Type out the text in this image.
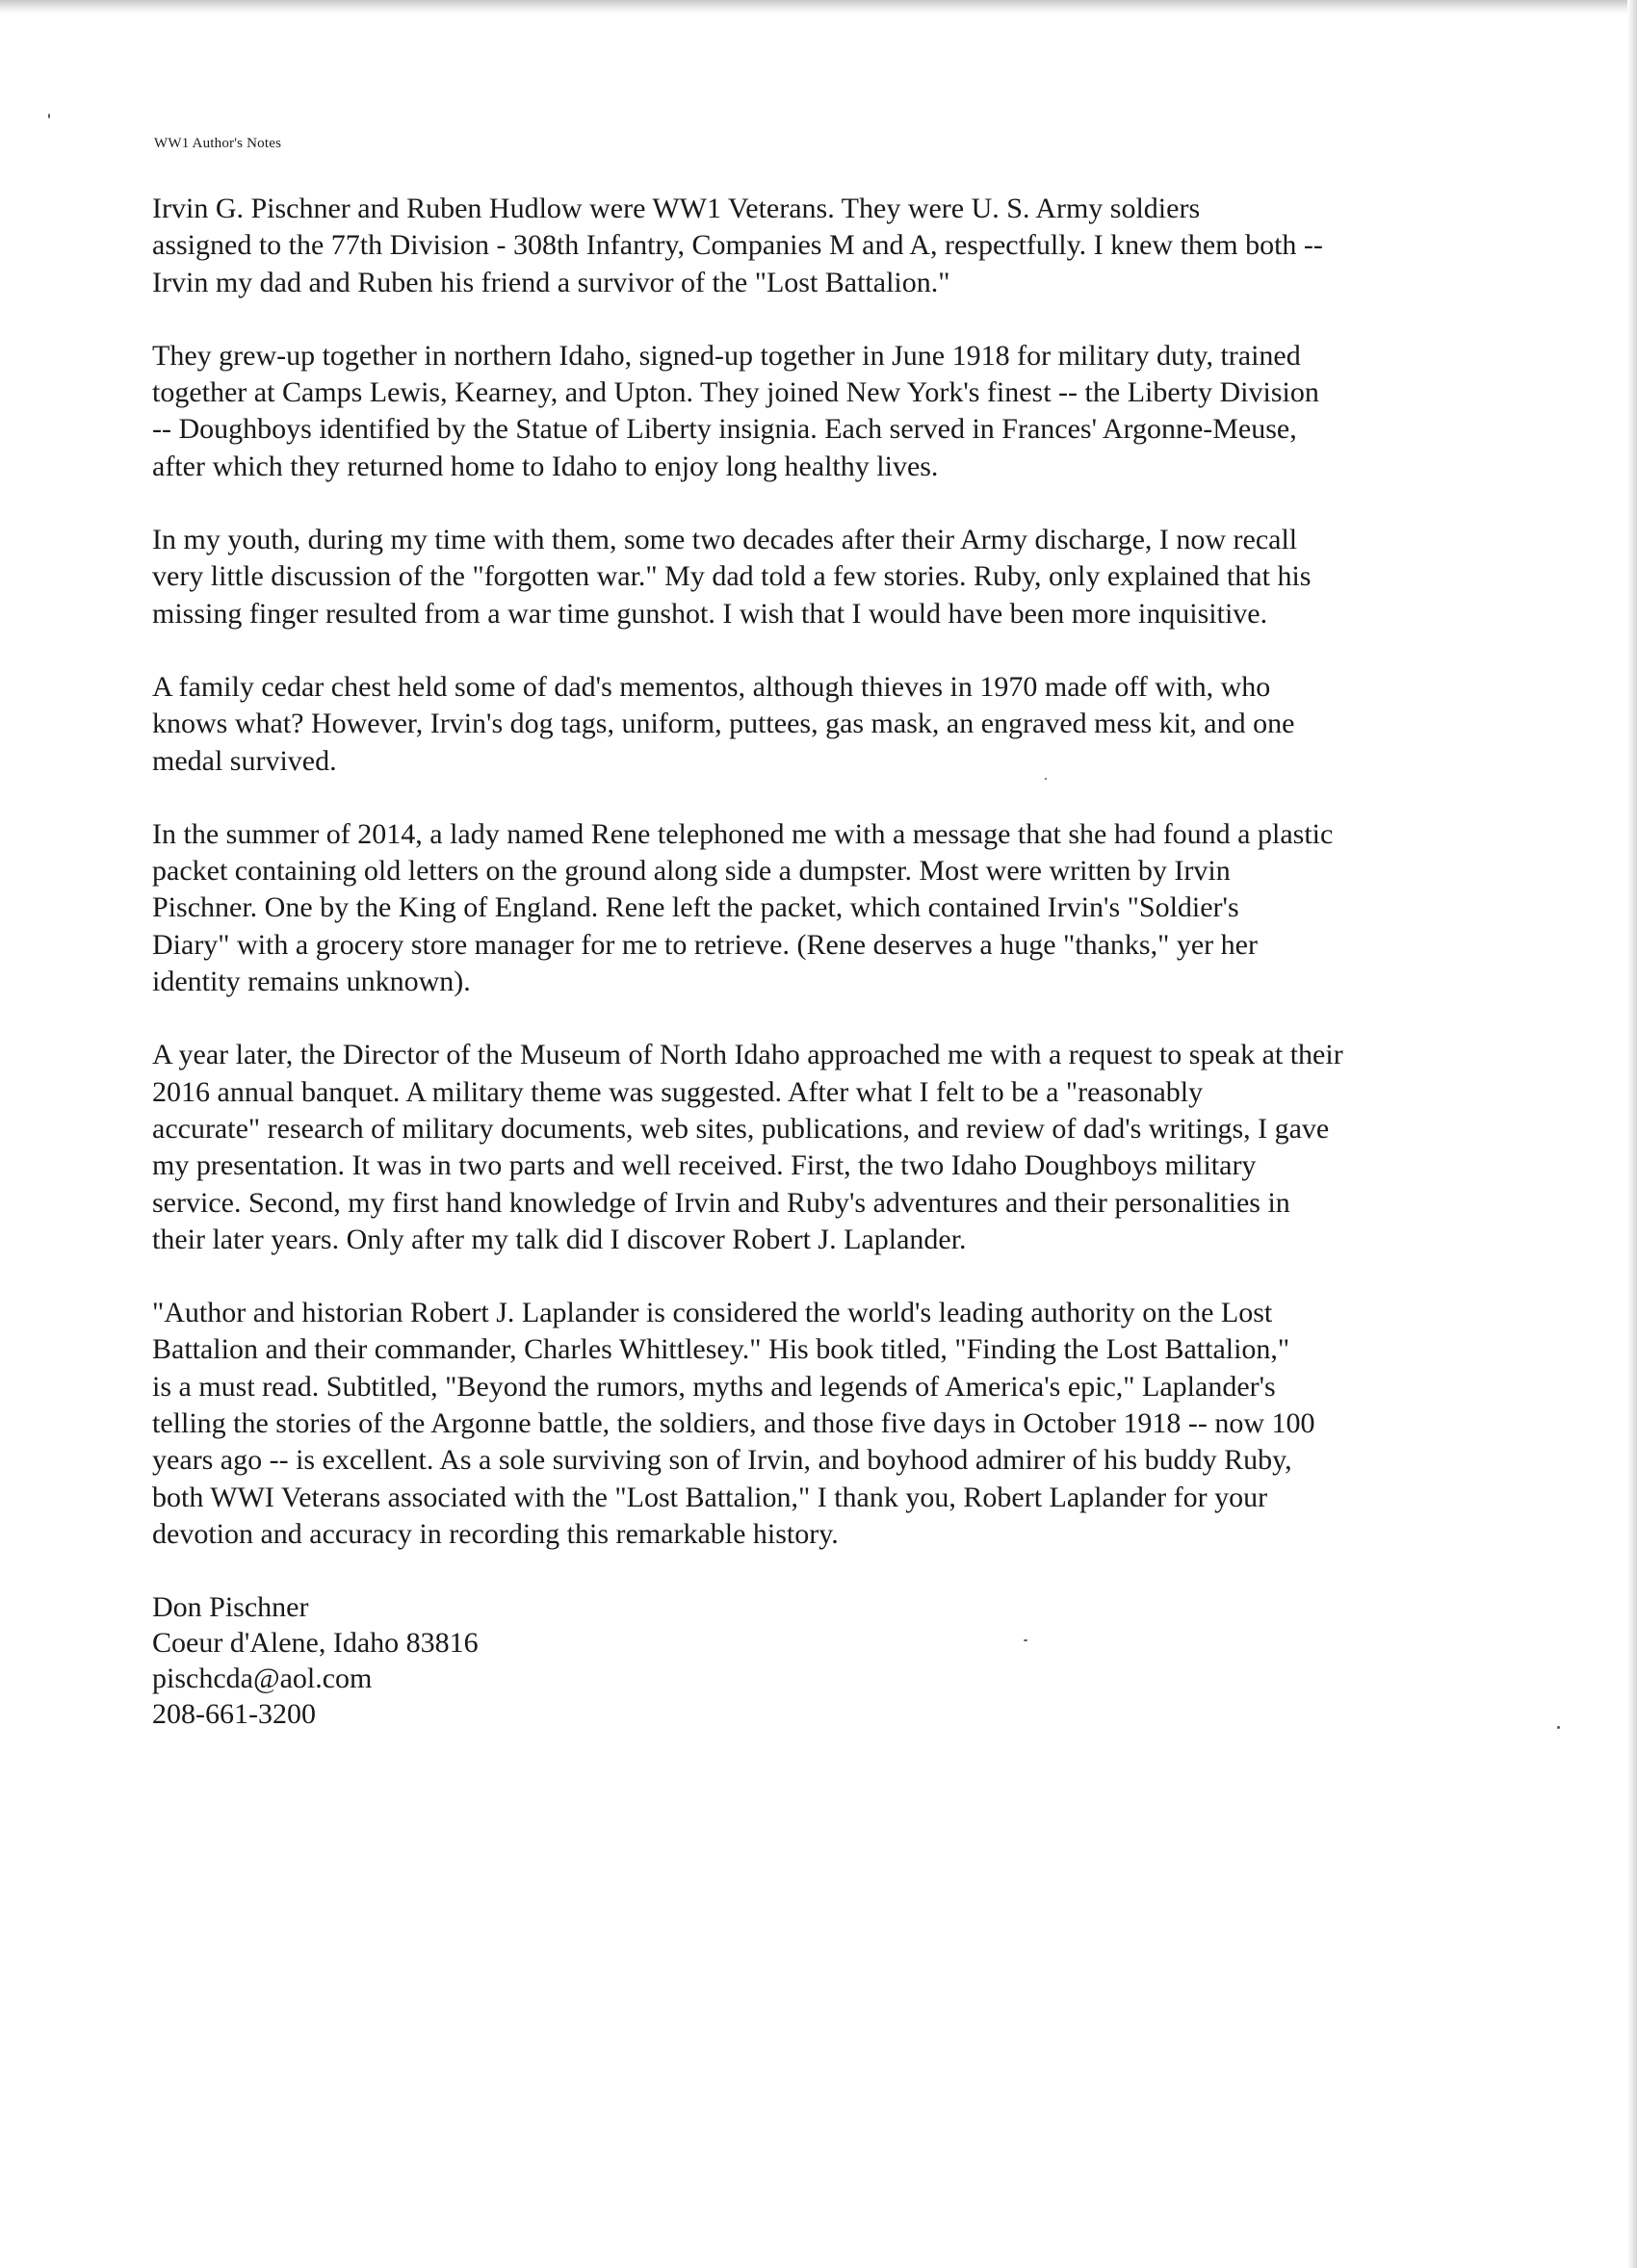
WW1 Author's Notes

Irvin G. Pischner and Ruben Hudlow were WW1 Veterans. They were U. S. Army soldiers
assigned to the 77th Division - 308th Infantry, Companies M and A, respectfully. I knew them both --
Irvin my dad and Ruben his friend a survivor of the "Lost Battalion."

They grew-up together in northern Idaho, signed-up together in June 1918 for military duty, trained
together at Camps Lewis, Kearney, and Upton. They joined New York's finest -- the Liberty Division
-- Doughboys identified by the Statue of Liberty insignia. Each served in Frances' Argonne-Meuse,
after which they returned home to Idaho to enjoy long healthy lives.

In my youth, during my time with them, some two decades after their Army discharge, I now recall
very little discussion of the "forgotten war." My dad told a few stories. Ruby, only explained that his
missing finger resulted from a war time gunshot. I wish that I would have been more inquisitive.

A family cedar chest held some of dad's mementos, although thieves in 1970 made off with, who
knows what? However, Irvin's dog tags, uniform, puttees, gas mask, an engraved mess kit, and one
medal survived.

In the summer of 2014, a lady named Rene telephoned me with a message that she had found a plastic
packet containing old letters on the ground along side a dumpster. Most were written by Irvin
Pischner. One by the King of England. Rene left the packet, which contained Irvin's "Soldier's
Diary" with a grocery store manager for me to retrieve. (Rene deserves a huge "thanks," yer her
identity remains unknown).

A year later, the Director of the Museum of North Idaho approached me with a request to speak at their
2016 annual banquet. A military theme was suggested. After what I felt to be a "reasonably
accurate" research of military documents, web sites, publications, and review of dad's writings, I gave
my presentation. It was in two parts and well received. First, the two Idaho Doughboys military
service. Second, my first hand knowledge of Irvin and Ruby's adventures and their personalities in
their later years. Only after my talk did I discover Robert J. Laplander.

"Author and historian Robert J. Laplander is considered the world's leading authority on the Lost
Battalion and their commander, Charles Whittlesey." His book titled, "Finding the Lost Battalion,"
is a must read. Subtitled, "Beyond the rumors, myths and legends of America's epic," Laplander's
telling the stories of the Argonne battle, the soldiers, and those five days in October 1918 -- now 100
years ago -- is excellent. As a sole surviving son of Irvin, and boyhood admirer of his buddy Ruby,
both WWI Veterans associated with the "Lost Battalion," I thank you, Robert Laplander for your
devotion and accuracy in recording this remarkable history.

Don Pischner
Coeur d'Alene, Idaho 83816
pischcda@aol.com
208-661-3200
